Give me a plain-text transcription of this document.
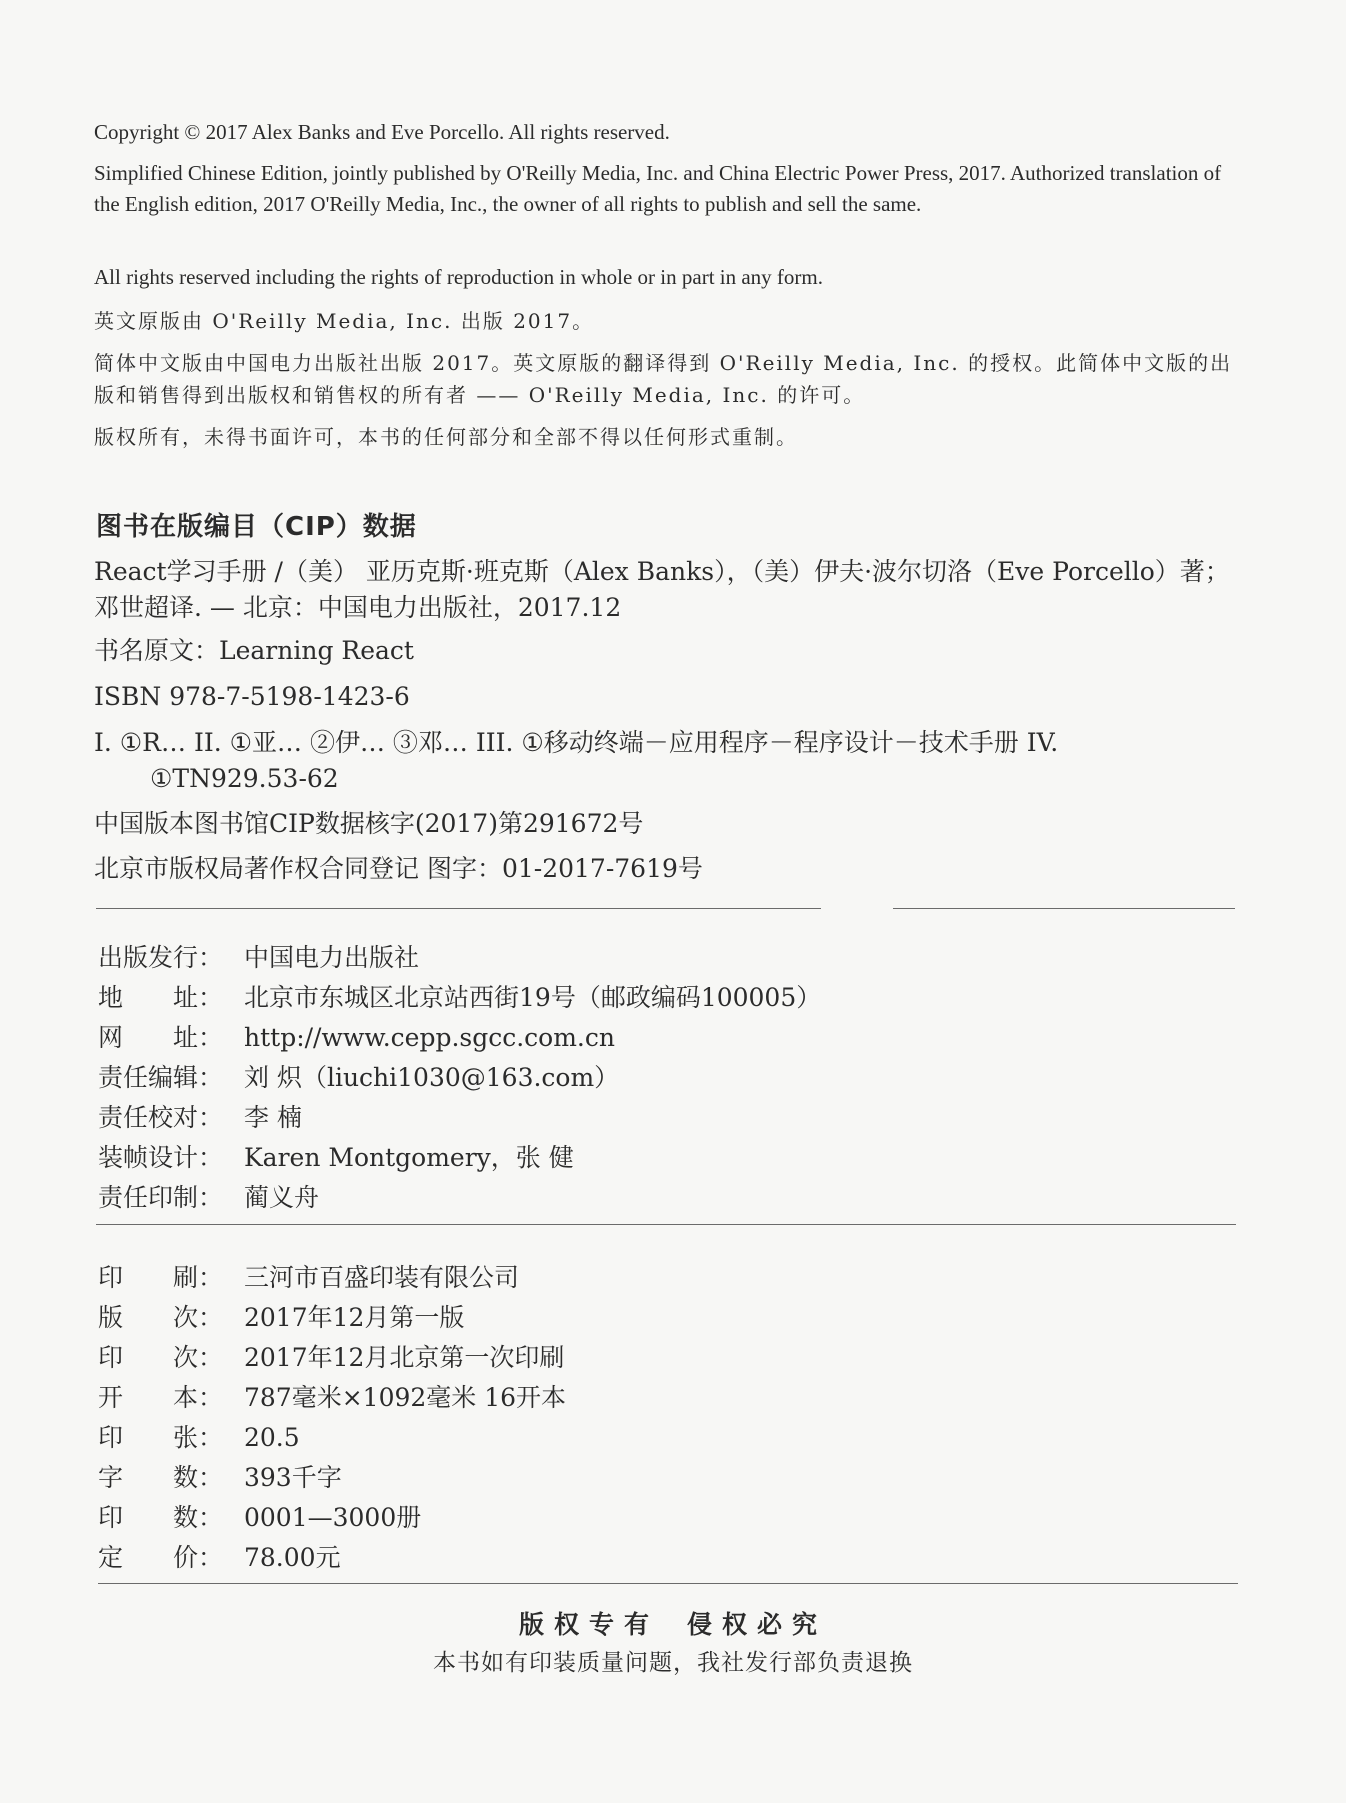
Copyright © 2017 Alex Banks and Eve Porcello. All rights reserved.

Simplified Chinese Edition, jointly published by O'Reilly Media, Inc. and China Electric Power Press, 2017. Authorized translation of the English edition, 2017 O'Reilly Media, Inc., the owner of all rights to publish and sell the same.

All rights reserved including the rights of reproduction in whole or in part in any form.

英文原版由 O'Reilly Media, Inc. 出版 2017。

简体中文版由中国电力出版社出版 2017。英文原版的翻译得到 O'Reilly Media, Inc. 的授权。此简体中文版的出版和销售得到出版权和销售权的所有者 —— O'Reilly Media, Inc. 的许可。

版权所有，未得书面许可，本书的任何部分和全部不得以任何形式重制。

图书在版编目（CIP）数据

React学习手册 /（美） 亚历克斯·班克斯（Alex Banks），（美）伊夫·波尔切洛（Eve Porcello）著；邓世超译. — 北京：中国电力出版社，2017.12

书名原文：Learning React

ISBN 978-7-5198-1423-6

I. ①R… II. ①亚… ②伊… ③邓… III. ①移动终端－应用程序－程序设计－技术手册 IV.

①TN929.53-62

中国版本图书馆CIP数据核字(2017)第291672号

北京市版权局著作权合同登记 图字：01-2017-7619号

出版发行： 中国电力出版社
地　　址： 北京市东城区北京站西街19号（邮政编码100005）
网　　址： http://www.cepp.sgcc.com.cn
责任编辑： 刘 炽（liuchi1030@163.com）
责任校对： 李 楠
装帧设计： Karen Montgomery，张 健
责任印制： 蔺义舟
印　　刷： 三河市百盛印装有限公司
版　　次： 2017年12月第一版
印　　次： 2017年12月北京第一次印刷
开　　本： 787毫米×1092毫米 16开本
印　　张： 20.5
字　　数： 393千字
印　　数： 0001—3000册
定　　价： 78.00元
版权专有 侵权必究
本书如有印装质量问题，我社发行部负责退换
